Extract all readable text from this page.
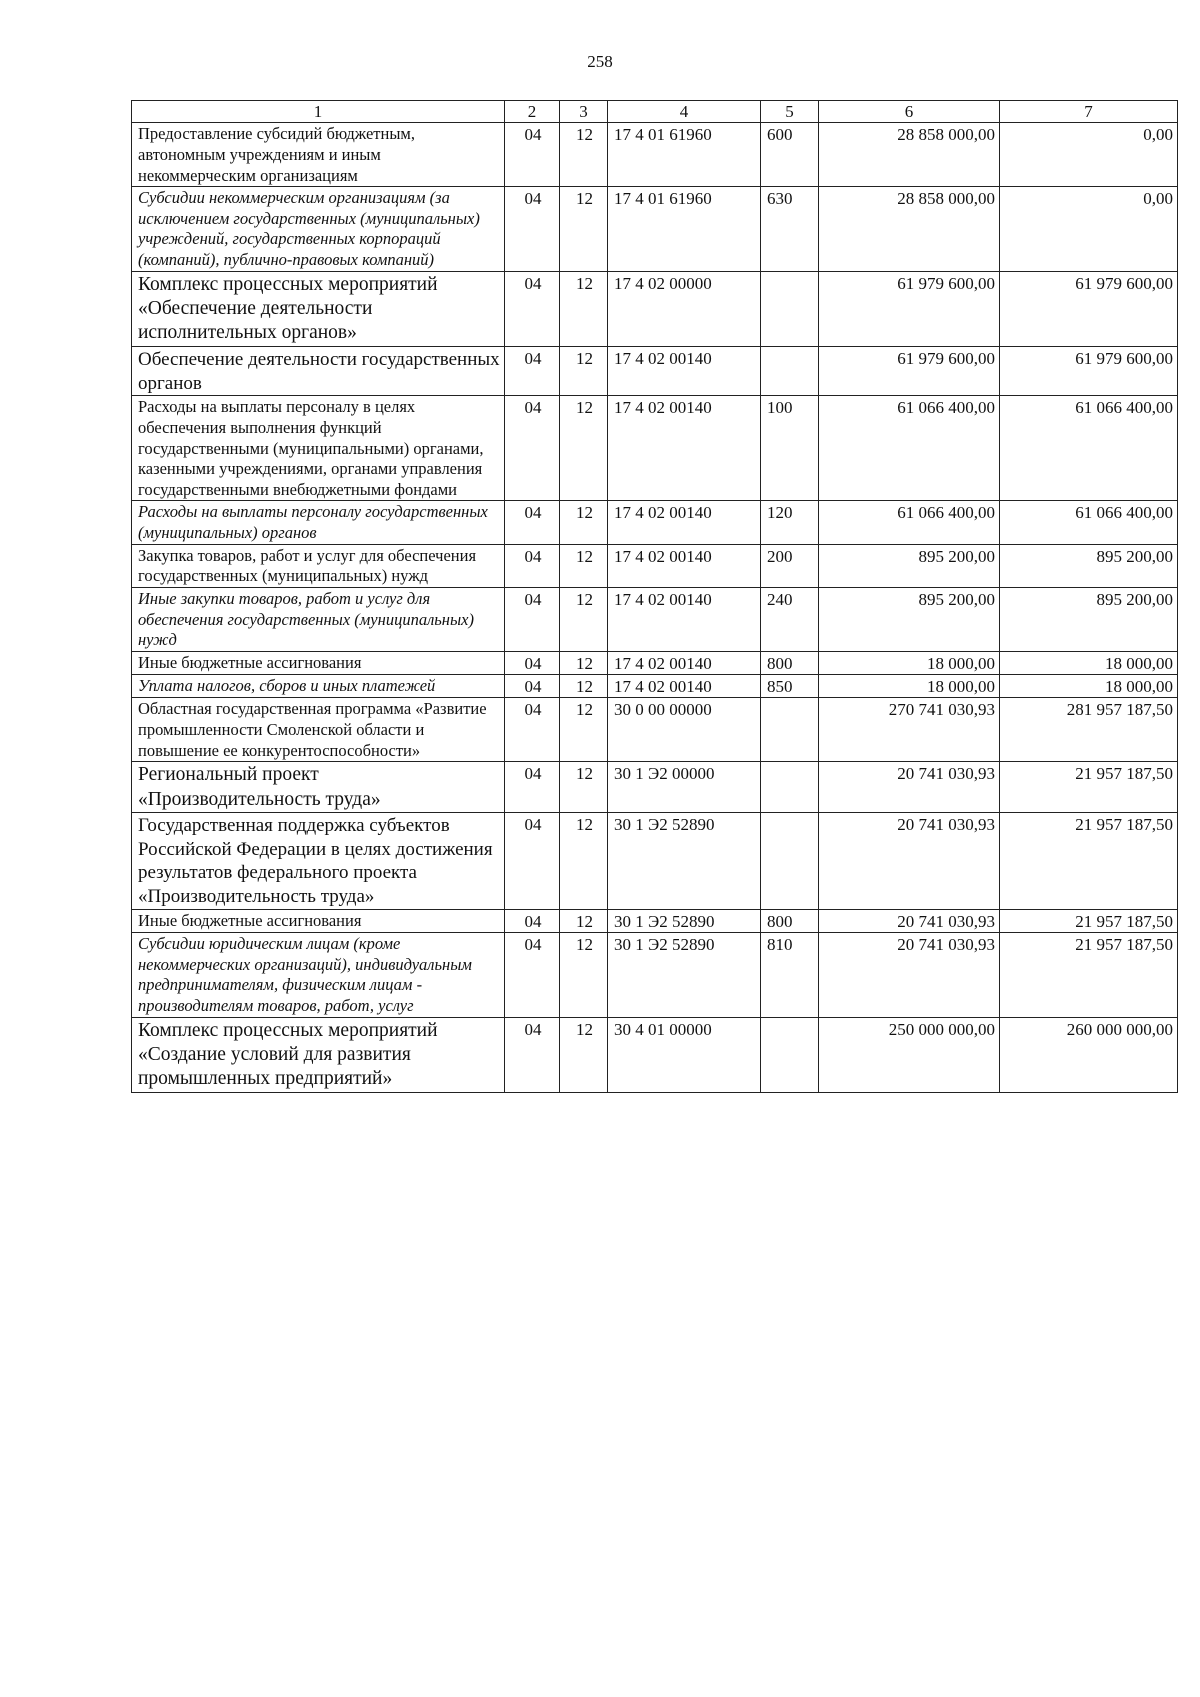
258
1	2	3	4	5	6	7
Предоставление субсидий бюджетным, автономным учреждениям и иным некоммерческим организациям	04	12	17 4 01 61960	600	28 858 000,00	0,00
Субсидии некоммерческим организациям (за исключением государственных (муниципальных) учреждений, государственных корпораций (компаний), публично-правовых компаний)	04	12	17 4 01 61960	630	28 858 000,00	0,00
Комплекс процессных мероприятий «Обеспечение деятельности исполнительных органов»	04	12	17 4 02 00000		61 979 600,00	61 979 600,00
Обеспечение деятельности государственных органов	04	12	17 4 02 00140		61 979 600,00	61 979 600,00
Расходы на выплаты персоналу в целях обеспечения выполнения функций государственными (муниципальными) органами, казенными учреждениями, органами управления государственными внебюджетными фондами	04	12	17 4 02 00140	100	61 066 400,00	61 066 400,00
Расходы на выплаты персоналу государственных (муниципальных) органов	04	12	17 4 02 00140	120	61 066 400,00	61 066 400,00
Закупка товаров, работ и услуг для обеспечения государственных (муниципальных) нужд	04	12	17 4 02 00140	200	895 200,00	895 200,00
Иные закупки товаров, работ и услуг для обеспечения государственных (муниципальных) нужд	04	12	17 4 02 00140	240	895 200,00	895 200,00
Иные бюджетные ассигнования	04	12	17 4 02 00140	800	18 000,00	18 000,00
Уплата налогов, сборов и иных платежей	04	12	17 4 02 00140	850	18 000,00	18 000,00
Областная государственная программа «Развитие промышленности Смоленской области и повышение ее конкурентоспособности»	04	12	30 0 00 00000		270 741 030,93	281 957 187,50
Региональный проект «Производительность труда»	04	12	30 1 Э2 00000		20 741 030,93	21 957 187,50
Государственная поддержка субъектов Российской Федерации в целях достижения результатов федерального проекта «Производительность труда»	04	12	30 1 Э2 52890		20 741 030,93	21 957 187,50
Иные бюджетные ассигнования	04	12	30 1 Э2 52890	800	20 741 030,93	21 957 187,50
Субсидии юридическим лицам (кроме некоммерческих организаций), индивидуальным предпринимателям, физическим лицам - производителям товаров, работ, услуг	04	12	30 1 Э2 52890	810	20 741 030,93	21 957 187,50
Комплекс процессных мероприятий «Создание условий для развития промышленных предприятий»	04	12	30 4 01 00000		250 000 000,00	260 000 000,00
